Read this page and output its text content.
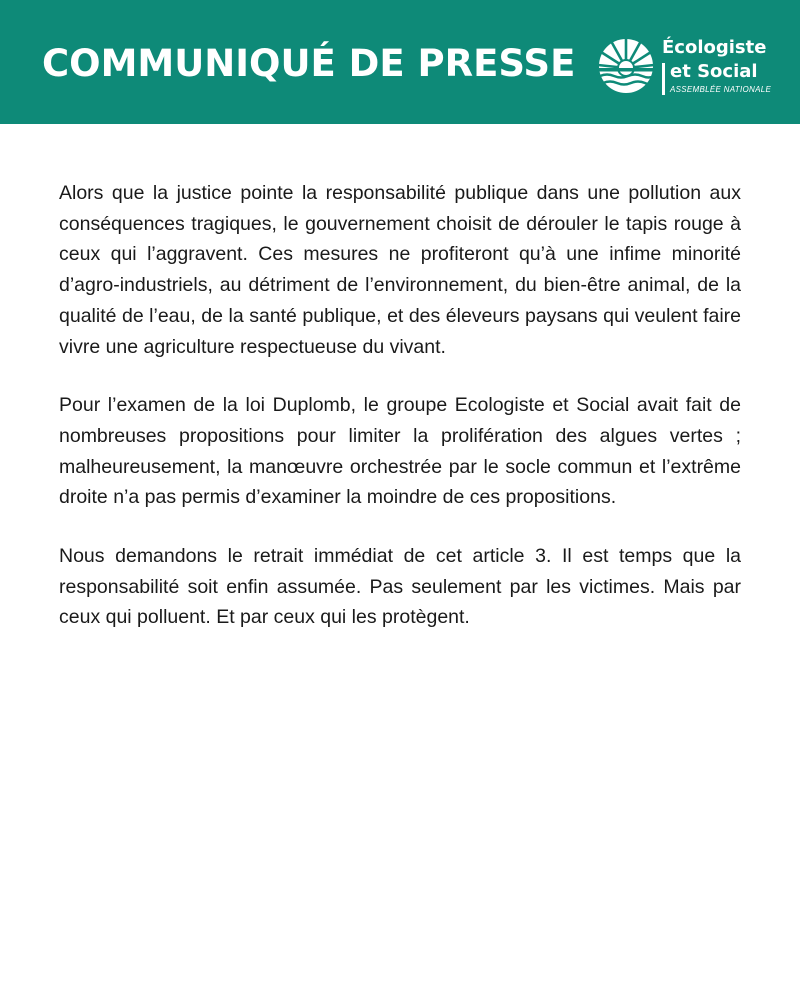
COMMUNIQUÉ DE PRESSE	Écologiste
et Social
ASSEMBLÉE NATIONALE

Alors que la justice pointe la responsabilité publique dans une pollution aux conséquences tragiques, le gouvernement choisit de dérouler le tapis rouge à ceux qui l’aggravent. Ces mesures ne profiteront qu’à une infime minorité d’agro-industriels, au détriment de l’environnement, du bien-être animal, de la qualité de l’eau, de la santé publique, et des éleveurs paysans qui veulent faire vivre une agriculture respectueuse du vivant.

Pour l’examen de la loi Duplomb, le groupe Ecologiste et Social avait fait de nombreuses propositions pour limiter la prolifération des algues vertes ; malheureusement, la manœuvre orchestrée par le socle commun et l’extrême droite n’a pas permis d’examiner la moindre de ces propositions.

Nous demandons le retrait immédiat de cet article 3. Il est temps que la responsabilité soit enfin assumée. Pas seulement par les victimes. Mais par ceux qui polluent. Et par ceux qui les protègent.
